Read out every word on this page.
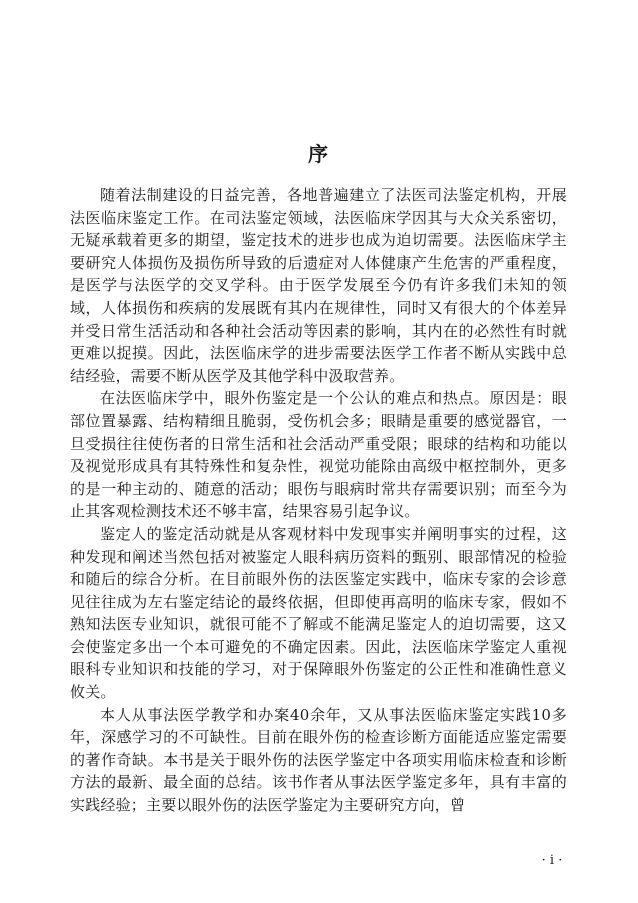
序

随着法制建设的日益完善，各地普遍建立了法医司法鉴定机构，开展法医临床鉴定工作。在司法鉴定领域，法医临床学因其与大众关系密切，无疑承载着更多的期望，鉴定技术的进步也成为迫切需要。法医临床学主要研究人体损伤及损伤所导致的后遗症对人体健康产生危害的严重程度，是医学与法医学的交叉学科。由于医学发展至今仍有许多我们未知的领域，人体损伤和疾病的发展既有其内在规律性，同时又有很大的个体差异并受日常生活活动和各种社会活动等因素的影响，其内在的必然性有时就更难以捉摸。因此，法医临床学的进步需要法医学工作者不断从实践中总结经验，需要不断从医学及其他学科中汲取营养。

在法医临床学中，眼外伤鉴定是一个公认的难点和热点。原因是：眼部位置暴露、结构精细且脆弱，受伤机会多；眼睛是重要的感觉器官，一旦受损往往使伤者的日常生活和社会活动严重受限；眼球的结构和功能以及视觉形成具有其特殊性和复杂性，视觉功能除由高级中枢控制外，更多的是一种主动的、随意的活动；眼伤与眼病时常共存需要识别；而至今为止其客观检测技术还不够丰富，结果容易引起争议。

鉴定人的鉴定活动就是从客观材料中发现事实并阐明事实的过程，这种发现和阐述当然包括对被鉴定人眼科病历资料的甄别、眼部情况的检验和随后的综合分析。在目前眼外伤的法医鉴定实践中，临床专家的会诊意见往往成为左右鉴定结论的最终依据，但即使再高明的临床专家，假如不熟知法医专业知识，就很可能不了解或不能满足鉴定人的迫切需要，这又会使鉴定多出一个本可避免的不确定因素。因此，法医临床学鉴定人重视眼科专业知识和技能的学习，对于保障眼外伤鉴定的公正性和准确性意义攸关。

本人从事法医学教学和办案40余年，又从事法医临床鉴定实践10多年，深感学习的不可缺性。目前在眼外伤的检查诊断方面能适应鉴定需要的著作奇缺。本书是关于眼外伤的法医学鉴定中各项实用临床检查和诊断方法的最新、最全面的总结。该书作者从事法医学鉴定多年，具有丰富的实践经验；主要以眼外伤的法医学鉴定为主要研究方向，曾

· i ·
